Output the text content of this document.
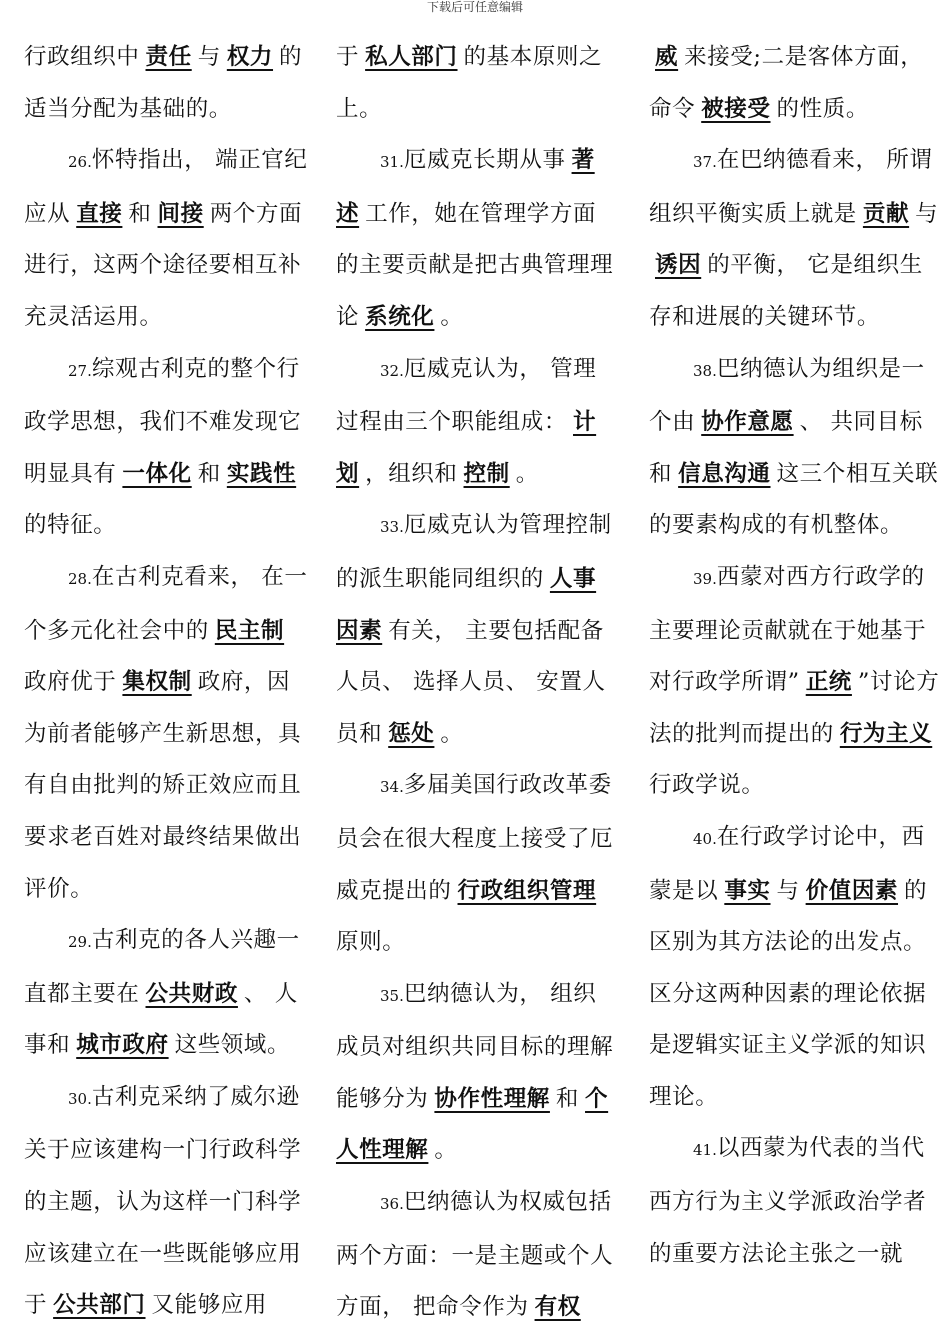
下载后可任意编辑

行政组织中 责任 与 权力 的适当分配为基础的。

26.怀特指出， 端正官纪应从 直接 和 间接 两个方面进行，这两个途径要相互补充灵活运用。

27.综观古利克的整个行政学思想，我们不难发现它明显具有 一体化 和 实践性的特征。

28.在古利克看来， 在一个多元化社会中的 民主制政府优于 集权制 政府，因为前者能够产生新思想，具有自由批判的矫正效应而且要求老百姓对最终结果做出评价。

29.古利克的各人兴趣一直都主要在 公共财政 、 人事和 城市政府 这些领域。

30.古利克采纳了威尔逊关于应该建构一门行政科学的主题，认为这样一门科学应该建立在一些既能够应用于 公共部门 又能够应用

于 私人部门 的基本原则之上。

31.厄威克长期从事 著述 工作，她在管理学方面的主要贡献是把古典管理理论 系统化 。

32.厄威克认为， 管理过程由三个职能组成： 计划 ，组织和 控制 。

33.厄威克认为管理控制的派生职能同组织的 人事因素 有关， 主要包括配备人员、 选择人员、 安置人员和 惩处 。

34.多届美国行政改革委员会在很大程度上接受了厄威克提出的 行政组织管理原则。

35.巴纳德认为， 组织成员对组织共同目标的理解能够分为 协作性理解 和 个人性理解 。

36.巴纳德认为权威包括两个方面：一是主题或个人方面， 把命令作为 有权

威 来接受;二是客体方面，命令 被接受 的性质。

37.在巴纳德看来， 所谓组织平衡实质上就是 贡献 与诱因 的平衡， 它是组织生存和进展的关键环节。

38.巴纳德认为组织是一个由 协作意愿 、 共同目标和 信息沟通 这三个相互关联的要素构成的有机整体。

39.西蒙对西方行政学的主要理论贡献就在于她基于对行政学所谓” 正统 ”讨论方法的批判而提出的 行为主义行政学说。

40.在行政学讨论中，西蒙是以 事实 与 价值因素 的区别为其方法论的出发点。区分这两种因素的理论依据是逻辑实证主义学派的知识理论。

41.以西蒙为代表的当代西方行为主义学派政治学者的重要方法论主张之一就
